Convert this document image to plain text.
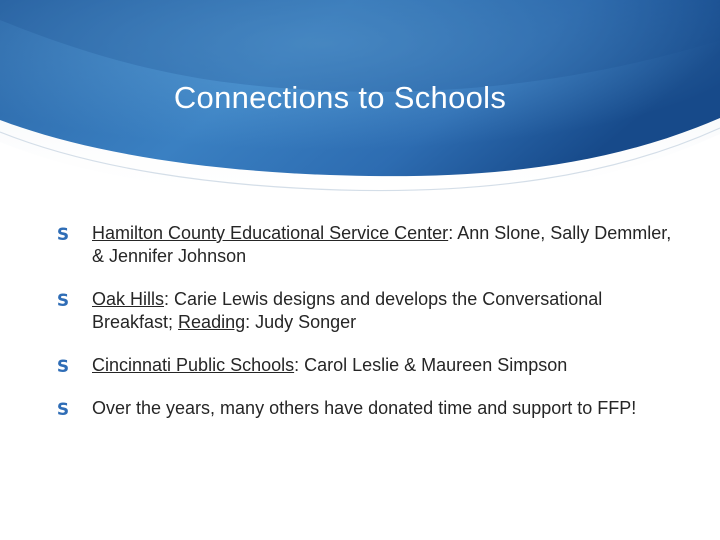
Connections to Schools
S Hamilton County Educational Service Center: Ann Slone, Sally Demmler, & Jennifer Johnson
S Oak Hills: Carie Lewis designs and develops the Conversational Breakfast; Reading: Judy Songer
S Cincinnati Public Schools: Carol Leslie & Maureen Simpson
S Over the years, many others have donated time and support to FFP!
